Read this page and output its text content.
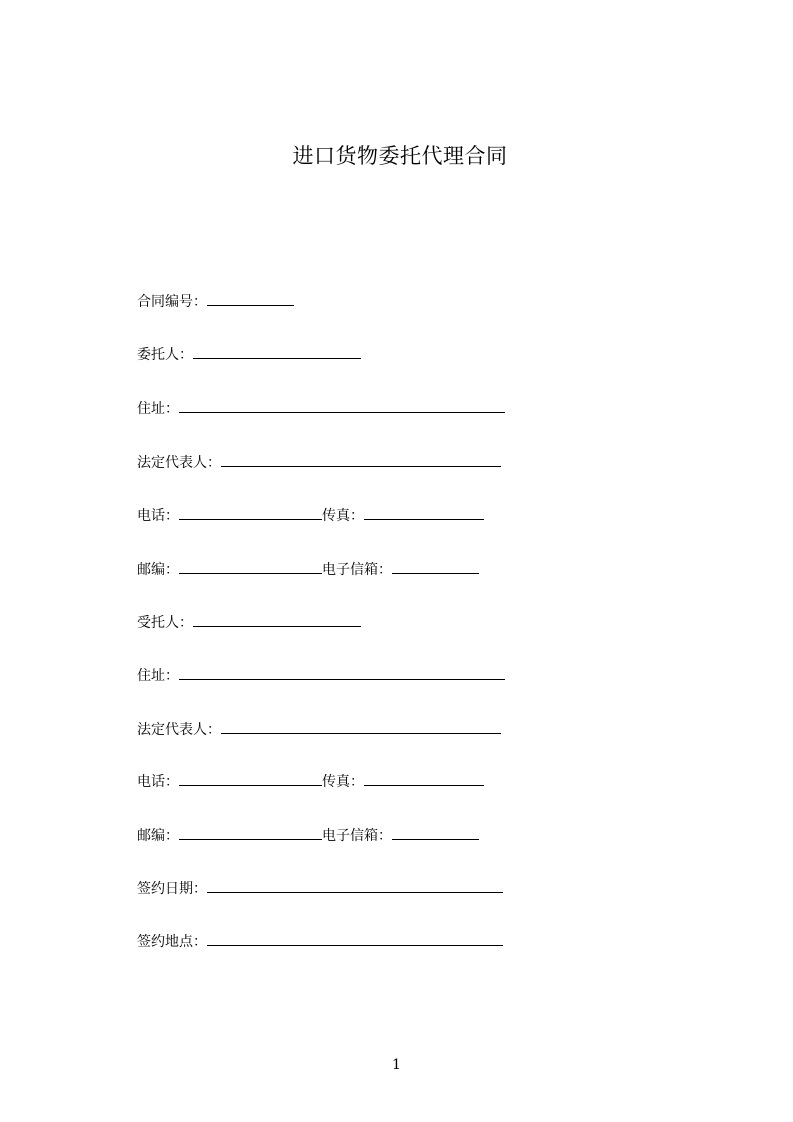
进口货物委托代理合同
合同编号：
委托人：
住址：
法定代表人：
电话：	传真：
邮编：	电子信箱：
受托人：
住址：
法定代表人：
电话：	传真：
邮编：	电子信箱：
签约日期：
签约地点：
1
